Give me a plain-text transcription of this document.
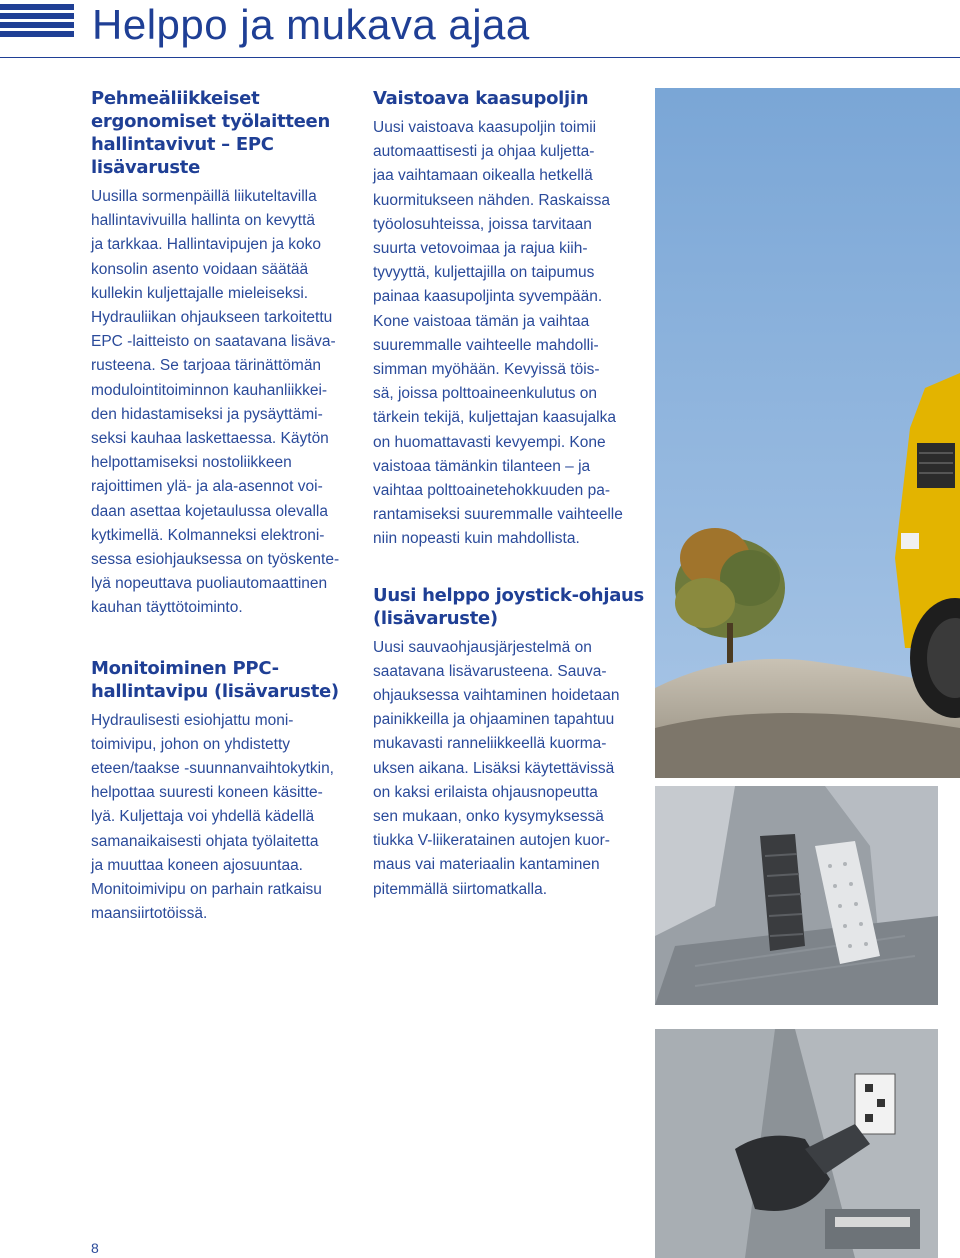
Helppo ja mukava ajaa
Pehmeäliikkeiset ergonomiset työlaitteen hallintavivut – EPC lisävaruste

Uusilla sormenpäillä liikuteltavilla
hallintavivuilla hallinta on kevyttä
ja tarkkaa. Hallintavipujen ja koko
konsolin asento voidaan säätää
kullekin kuljettajalle mieleiseksi.
Hydrauliikan ohjaukseen tarkoitettu
EPC -laitteisto on saatavana lisäva-
rusteena. Se tarjoaa tärinättömän
modulointitoiminnon kauhanliikkei-
den hidastamiseksi ja pysäyttämi-
seksi kauhaa laskettaessa. Käytön
helpottamiseksi nostoliikkeen
rajoittimen ylä- ja ala-asennot voi-
daan asettaa kojetaulussa olevalla
kytkimellä. Kolmanneksi elektroni-
sessa esiohjauksessa on työskente-
lyä nopeuttava puoliautomaattinen
kauhan täyttötoiminto.

Monitoiminen PPC-
hallintavipu (lisävaruste)

Hydraulisesti esiohjattu moni-
toimivipu, johon on yhdistetty
eteen/taakse -suunnanvaihtokytkin,
helpottaa suuresti koneen käsitte-
lyä. Kuljettaja voi yhdellä kädellä
samanaikaisesti ohjata työlaitetta
ja muuttaa koneen ajosuuntaa.
Monitoimivipu on parhain ratkaisu
maansiirtotöissä.

Vaistoava kaasupoljin

Uusi vaistoava kaasupoljin toimii
automaattisesti ja ohjaa kuljetta-
jaa vaihtamaan oikealla hetkellä
kuormitukseen nähden. Raskaissa
työolosuhteissa, joissa tarvitaan
suurta vetovoimaa ja rajua kiih-
tyvyyttä, kuljettajilla on taipumus
painaa kaasupoljinta syvempään.
Kone vaistoaa tämän ja vaihtaa
suuremmalle vaihteelle mahdolli-
simman myöhään. Kevyissä töis-
sä, joissa polttoaineenkulutus on
tärkein tekijä, kuljettajan kaasujalka
on huomattavasti kevyempi. Kone
vaistoaa tämänkin tilanteen – ja
vaihtaa polttoainetehokkuuden pa-
rantamiseksi suuremmalle vaihteelle
niin nopeasti kuin mahdollista.

Uusi helppo joystick-ohjaus
(lisävaruste)

Uusi sauvaohjausjärjestelmä on
saatavana lisävarusteena. Sauva-
ohjauksessa vaihtaminen hoidetaan
painikkeilla ja ohjaaminen tapahtuu
mukavasti ranneliikkeellä kuorma-
uksen aikana. Lisäksi käytettävissä
on kaksi erilaista ohjausnopeutta
sen mukaan, onko kysymyksessä
tiukka V-liikeratainen autojen kuor-
maus vai materiaalin kantaminen
pitemmällä siirtomatkalla.

8
